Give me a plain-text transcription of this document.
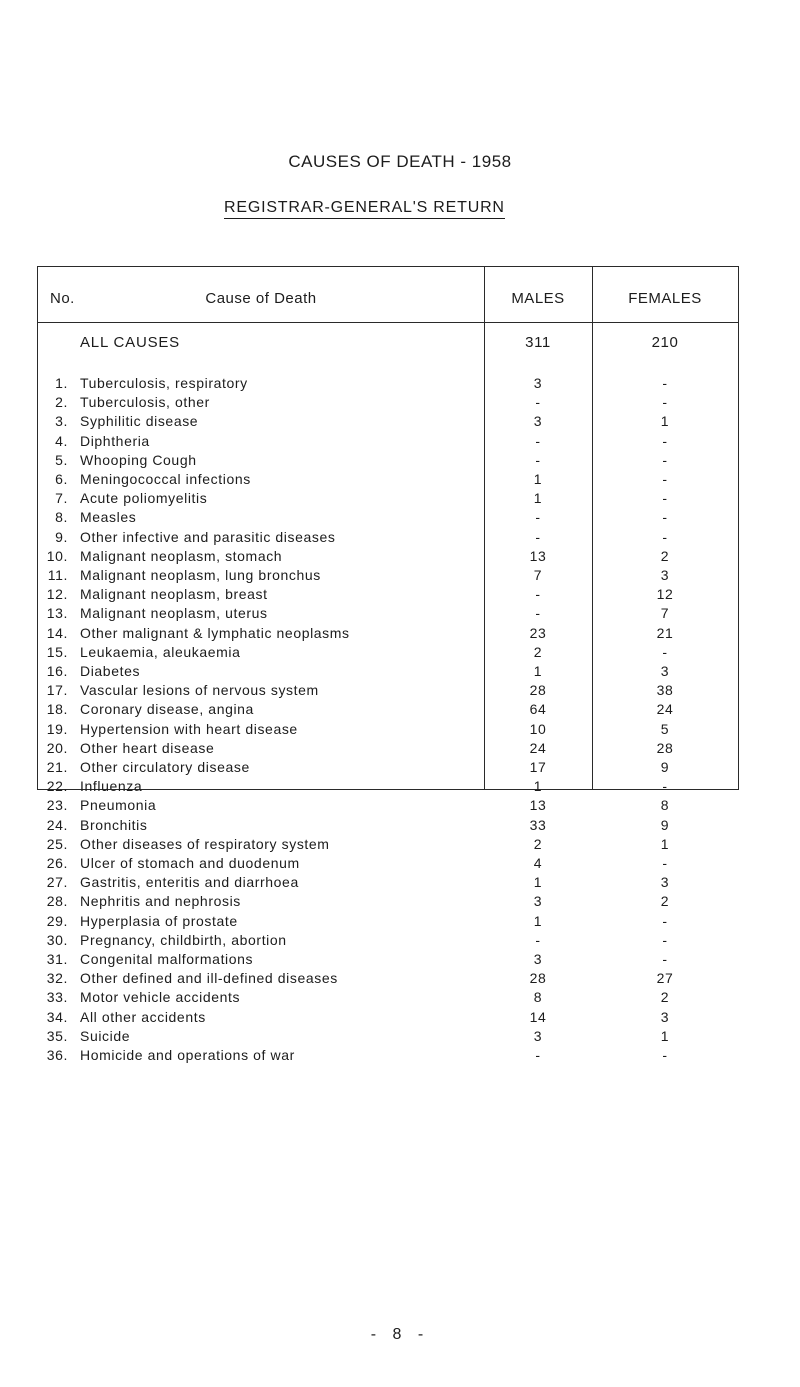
CAUSES OF DEATH - 1958
REGISTRAR-GENERAL'S RETURN
No.	Cause of Death	MALES	FEMALES
ALL CAUSES	311	210
1. Tuberculosis, respiratory	3	-
2. Tuberculosis, other	-	-
3. Syphilitic disease	3	1
4. Diphtheria	-	-
5. Whooping Cough	-	-
6. Meningococcal infections	1	-
7. Acute poliomyelitis	1	-
8. Measles	-	-
9. Other infective and parasitic diseases	-	-
10. Malignant neoplasm, stomach	13	2
11. Malignant neoplasm, lung bronchus	7	3
12. Malignant neoplasm, breast	-	12
13. Malignant neoplasm, uterus	-	7
14. Other malignant & lymphatic neoplasms	23	21
15. Leukaemia, aleukaemia	2	-
16. Diabetes	1	3
17. Vascular lesions of nervous system	28	38
18. Coronary disease, angina	64	24
19. Hypertension with heart disease	10	5
20. Other heart disease	24	28
21. Other circulatory disease	17	9
22. Influenza	1	-
23. Pneumonia	13	8
24. Bronchitis	33	9
25. Other diseases of respiratory system	2	1
26. Ulcer of stomach and duodenum	4	-
27. Gastritis, enteritis and diarrhoea	1	3
28. Nephritis and nephrosis	3	2
29. Hyperplasia of prostate	1	-
30. Pregnancy, childbirth, abortion	-	-
31. Congenital malformations	3	-
32. Other defined and ill-defined diseases	28	27
33. Motor vehicle accidents	8	2
34. All other accidents	14	3
35. Suicide	3	1
36. Homicide and operations of war	-	-
- 8 -
